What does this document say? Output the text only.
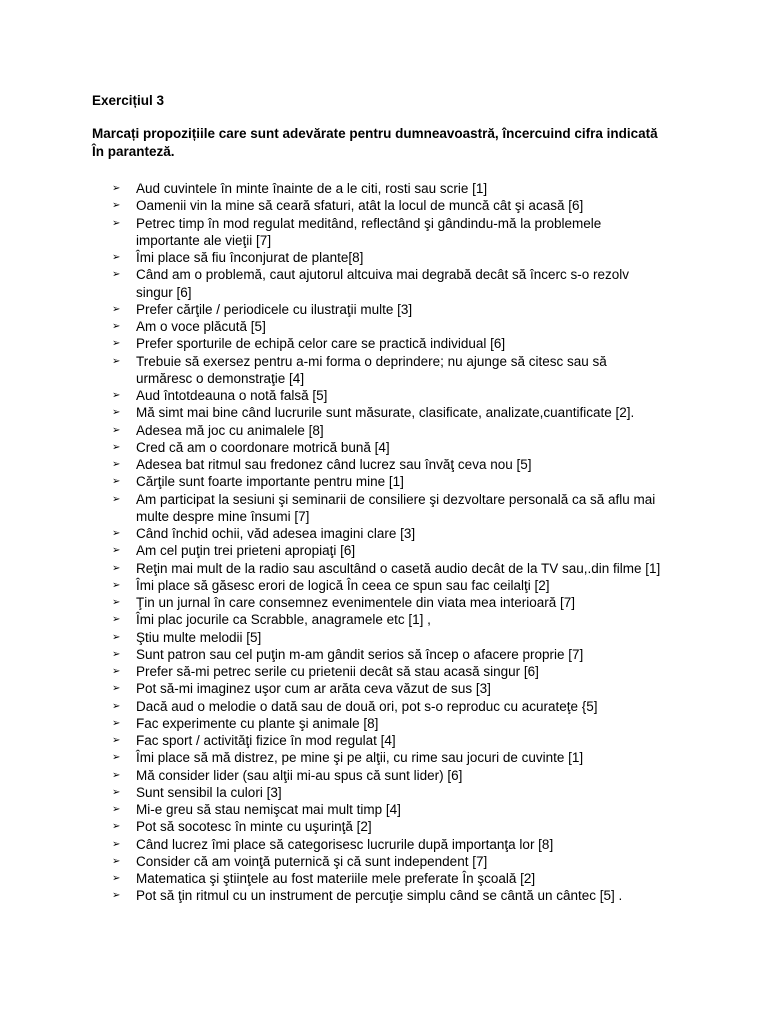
Exercițiul 3
Marcați propozițiile care sunt adevărate pentru dumneavoastră, încercuind cifra indicată
În paranteză.
➢ Aud cuvintele în minte înainte de a le citi, rosti sau scrie [1]
➢ Oamenii vin la mine să ceară sfaturi, atât la locul de muncă cât şi acasă [6]
➢ Petrec timp în mod regulat meditând, reflectând şi gândindu-mă la problemele
importante ale vieţii [7]
➢ Îmi place să fiu înconjurat de plante[8]
➢ Când am o problemă, caut ajutorul altcuiva mai degrabă decât să încerc s-o rezolv
singur [6]
➢ Prefer cărţile / periodicele cu ilustraţii multe [3]
➢ Am o voce plăcută [5]
➢ Prefer sporturile de echipă celor care se practică individual [6]
➢ Trebuie să exersez pentru a-mi forma o deprindere; nu ajunge să citesc sau să
urmăresc o demonstraţie [4]
➢ Aud întotdeauna o notă falsă [5]
➢ Mă simt mai bine când lucrurile sunt măsurate, clasificate, analizate,cuantificate [2].
➢ Adesea mă joc cu animalele [8]
➢ Cred că am o coordonare motrică bună [4]
➢ Adesea bat ritmul sau fredonez când lucrez sau învăţ ceva nou [5]
➢ Cărţile sunt foarte importante pentru mine [1]
➢ Am participat la sesiuni şi seminarii de consiliere şi dezvoltare personală ca să aflu mai
multe despre mine însumi [7]
➢ Când închid ochii, văd adesea imagini clare [3]
➢ Am cel puţin trei prieteni apropiaţi [6]
➢ Reţin mai mult de la radio sau ascultând o casetă audio decât de la TV sau,.din filme [1]
➢ Îmi place să găsesc erori de logică În ceea ce spun sau fac ceilalţi [2]
➢ Ţin un jurnal în care consemnez evenimentele din viata mea interioară [7]
➢ Îmi plac jocurile ca Scrabble, anagramele etc [1] ,
➢ Ştiu multe melodii [5]
➢ Sunt patron sau cel puţin m-am gândit serios să încep o afacere proprie [7]
➢ Prefer să-mi petrec serile cu prietenii decât să stau acasă singur [6]
➢ Pot să-mi imaginez uşor cum ar arăta ceva văzut de sus [3]
➢ Dacă aud o melodie o dată sau de două ori, pot s-o reproduc cu acurateţe {5]
➢ Fac experimente cu plante şi animale [8]
➢ Fac sport / activităţi fizice în mod regulat [4]
➢ Îmi place să mă distrez, pe mine şi pe alţii, cu rime sau jocuri de cuvinte [1]
➢ Mă consider lider (sau alţii mi-au spus că sunt lider) [6]
➢ Sunt sensibil la culori [3]
➢ Mi-e greu să stau nemişcat mai mult timp [4]
➢ Pot să socotesc în minte cu uşurinţă [2]
➢ Când lucrez îmi place să categorisesc lucrurile după importanţa lor [8]
➢ Consider că am voinţă puternică şi că sunt independent [7]
➢ Matematica şi ştiinţele au fost materiile mele preferate În şcoală [2]
➢ Pot să ţin ritmul cu un instrument de percuţie simplu când se cântă un cântec [5] .
